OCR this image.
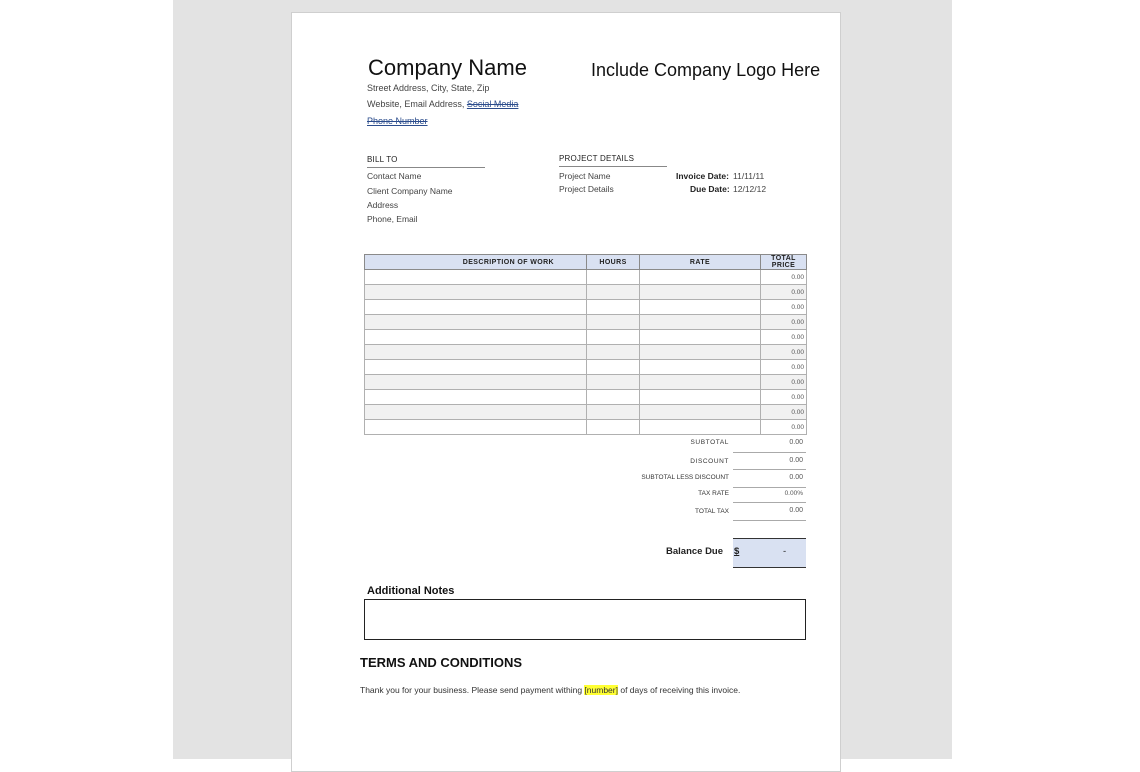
Company Name	Include Company Logo Here
Street Address, City, State, Zip
Website, Email Address, Social Media
Phone Number
BILL TO
Contact Name
Client Company Name
Address
Phone, Email
PROJECT DETAILS
Project Name
Project Details
Invoice Date: 11/11/11
Due Date: 12/12/12
DESCRIPTION OF WORK	HOURS	RATE	TOTAL PRICE
			0.00
			0.00
			0.00
			0.00
			0.00
			0.00
			0.00
			0.00
			0.00
			0.00
			0.00
SUBTOTAL	0.00
DISCOUNT	0.00
SUBTOTAL LESS DISCOUNT	0.00
TAX RATE	0.00%
TOTAL TAX	0.00
Balance Due $	-
Additional Notes
TERMS AND CONDITIONS
Thank you for your business. Please send payment withing [number] of days of receiving this invoice.
